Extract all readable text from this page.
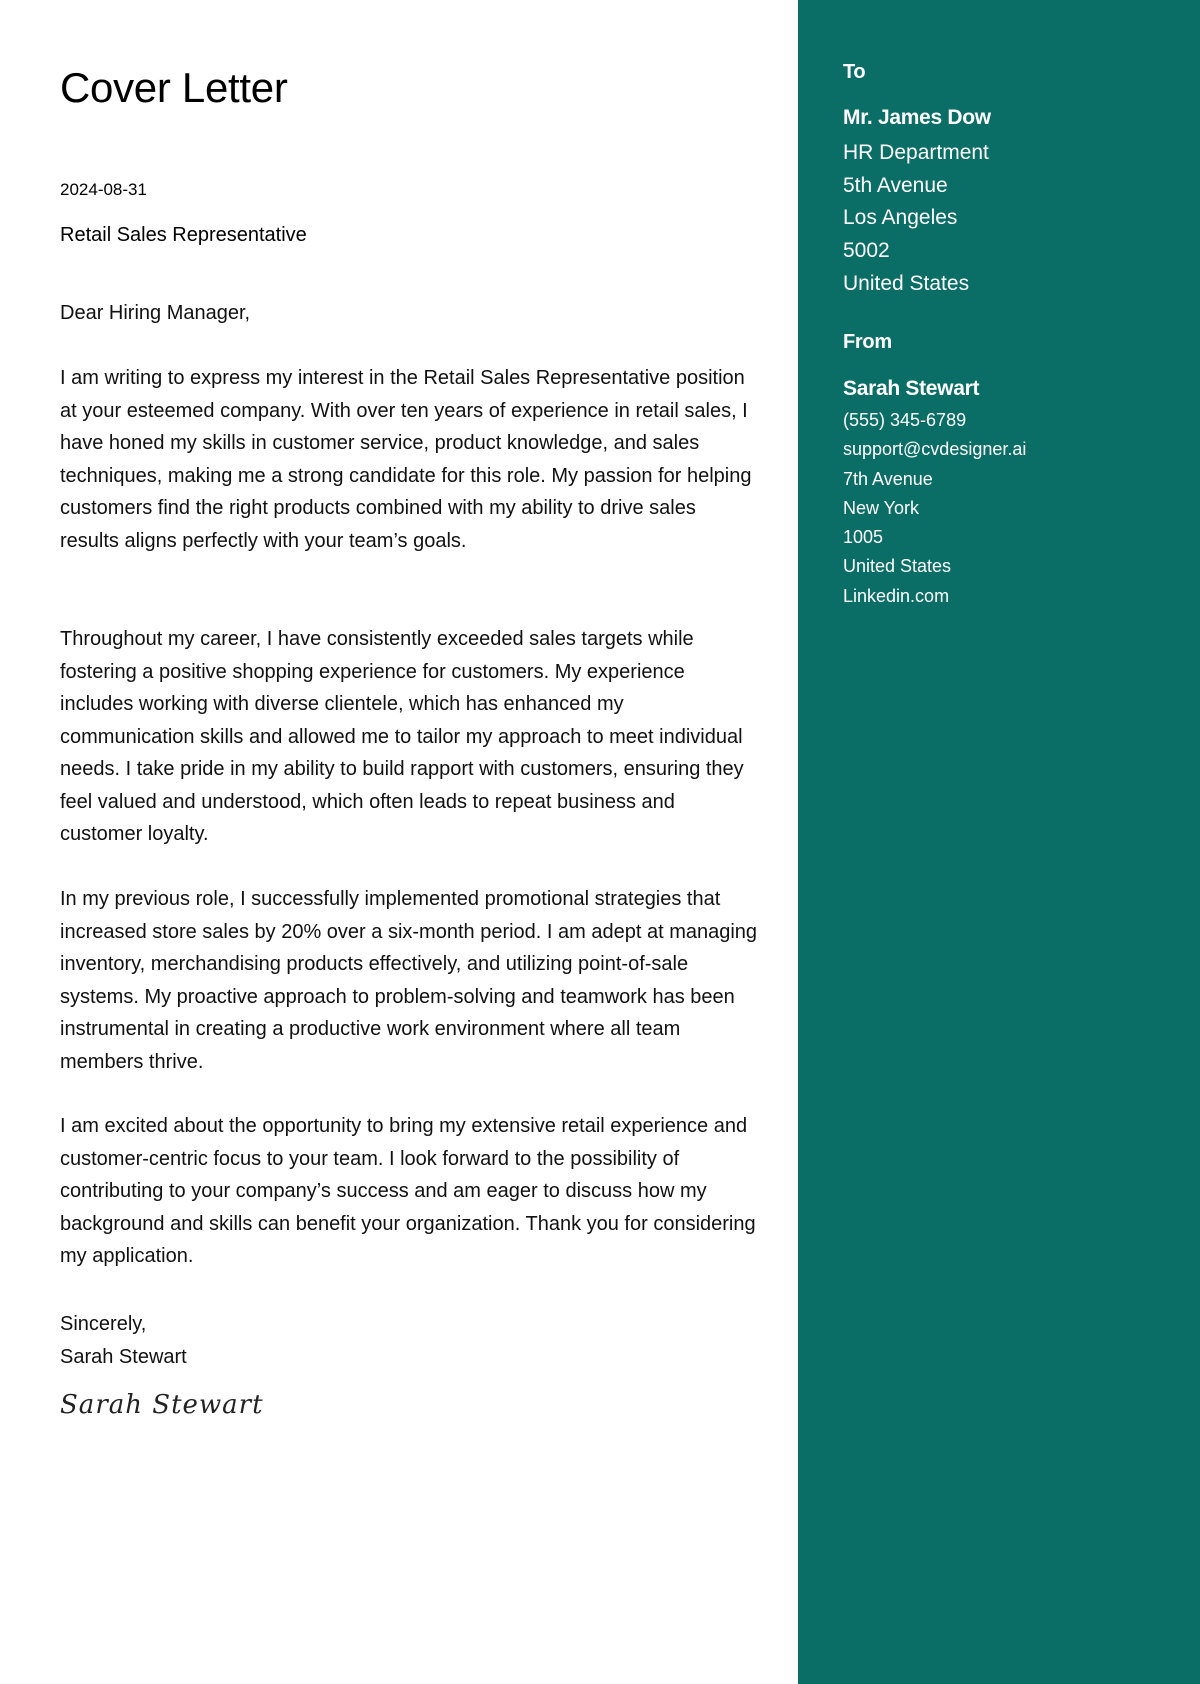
Cover Letter
2024-08-31
Retail Sales Representative
Dear Hiring Manager,

I am writing to express my interest in the Retail Sales Representative position at your esteemed company. With over ten years of experience in retail sales, I have honed my skills in customer service, product knowledge, and sales techniques, making me a strong candidate for this role. My passion for helping customers find the right products combined with my ability to drive sales results aligns perfectly with your team’s goals.

Throughout my career, I have consistently exceeded sales targets while fostering a positive shopping experience for customers. My experience includes working with diverse clientele, which has enhanced my communication skills and allowed me to tailor my approach to meet individual needs. I take pride in my ability to build rapport with customers, ensuring they feel valued and understood, which often leads to repeat business and customer loyalty.

In my previous role, I successfully implemented promotional strategies that increased store sales by 20% over a six-month period. I am adept at managing inventory, merchandising products effectively, and utilizing point-of-sale systems. My proactive approach to problem-solving and teamwork has been instrumental in creating a productive work environment where all team members thrive.

I am excited about the opportunity to bring my extensive retail experience and customer-centric focus to your team. I look forward to the possibility of contributing to your company’s success and am eager to discuss how my background and skills can benefit your organization. Thank you for considering my application.

Sincerely,
Sarah Stewart
Sarah Stewart
To
Mr. James Dow
HR Department
5th Avenue
Los Angeles
5002
United States
From
Sarah Stewart
(555) 345-6789
support@cvdesigner.ai
7th Avenue
New York
1005
United States
Linkedin.com
